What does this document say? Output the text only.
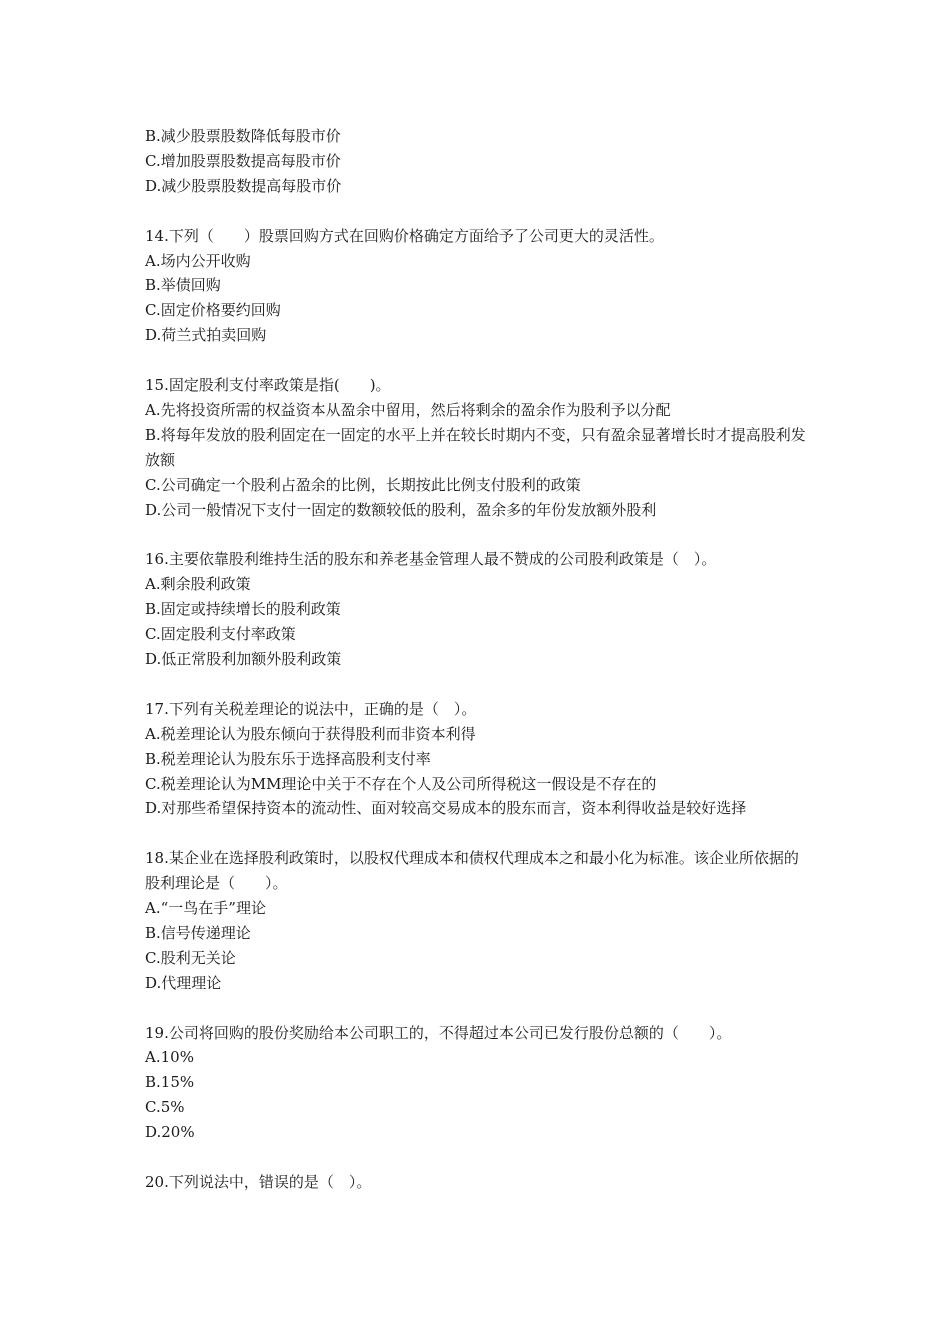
B.减少股票股数降低每股市价
C.增加股票股数提高每股市价
D.减少股票股数提高每股市价
14.下列（　　）股票回购方式在回购价格确定方面给予了公司更大的灵活性。
A.场内公开收购
B.举债回购
C.固定价格要约回购
D.荷兰式拍卖回购
15.固定股利支付率政策是指(　　)。
A.先将投资所需的权益资本从盈余中留用，然后将剩余的盈余作为股利予以分配
B.将每年发放的股利固定在一固定的水平上并在较长时期内不变，只有盈余显著增长时才提高股利发放额
C.公司确定一个股利占盈余的比例，长期按此比例支付股利的政策
D.公司一般情况下支付一固定的数额较低的股利，盈余多的年份发放额外股利
16.主要依靠股利维持生活的股东和养老基金管理人最不赞成的公司股利政策是（　）。
A.剩余股利政策
B.固定或持续增长的股利政策
C.固定股利支付率政策
D.低正常股利加额外股利政策
17.下列有关税差理论的说法中，正确的是（　）。
A.税差理论认为股东倾向于获得股利而非资本利得
B.税差理论认为股东乐于选择高股利支付率
C.税差理论认为MM理论中关于不存在个人及公司所得税这一假设是不存在的
D.对那些希望保持资本的流动性、面对较高交易成本的股东而言，资本利得收益是较好选择
18.某企业在选择股利政策时，以股权代理成本和债权代理成本之和最小化为标准。该企业所依据的股利理论是（　　）。
A.“一鸟在手”理论
B.信号传递理论
C.股利无关论
D.代理理论
19.公司将回购的股份奖励给本公司职工的，不得超过本公司已发行股份总额的（　　）。
A.10%
B.15%
C.5%
D.20%
20.下列说法中，错误的是（　）。
